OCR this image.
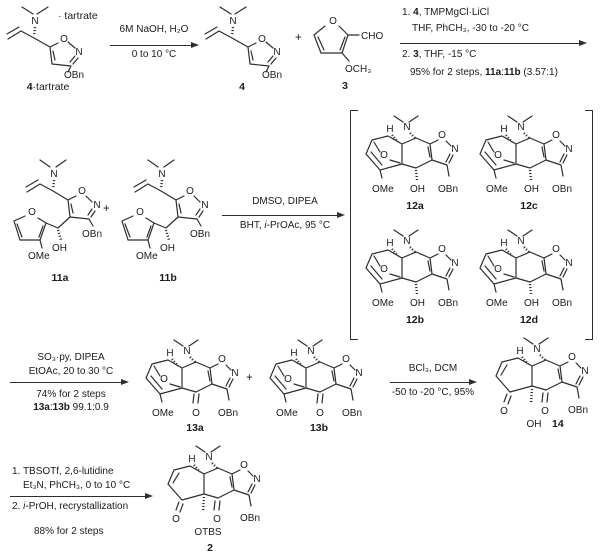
N
O
N
OBn
· tartrate
4·tartrate
6M NaOH, H₂O
0 to 10 °C
N
O
N
OBn
4
+
O
CHO
OCH₃
3
1. 4, TMPMgCl·LiCl
THF, PhCH₃, -30 to -20 °C
2. 3, THF, -15 °C
95% for 2 steps, 11a:11b (3.57:1)
N
O
N
OBn
OH
O
OMe
11a
+
N
O
N
OBn
OH
O
OMe
11b
DMSO, DIPEA
BHT, i-PrOAc, 95 °C
N
H
O
O
N
OMe OH OBn
12a
N
H
O
O
N
OMe OH OBn
12c
N
H
O
O
N
OMe OH OBn
12b
N
H
O
O
N
OMe OH OBn
12d
SO₃·py, DIPEA
EtOAc, 20 to 30 °C
74% for 2 steps
13a:13b 99.1:0.9
N
H
O
O
N
OMe O OBn
13a
+
N
H
O
O
N
OMe O OBn
13b
BCl₃, DCM
-50 to -20 °C, 95%
N
H
O	O
OH
O
N
OBn
14
1. TBSOTf, 2,6-lutidine
Et₃N, PhCH₃, 0 to 10 °C
2. i-PrOH, recrystallization
88% for 2 steps
N
H
O	O
OTBS
O
N
OBn
2
